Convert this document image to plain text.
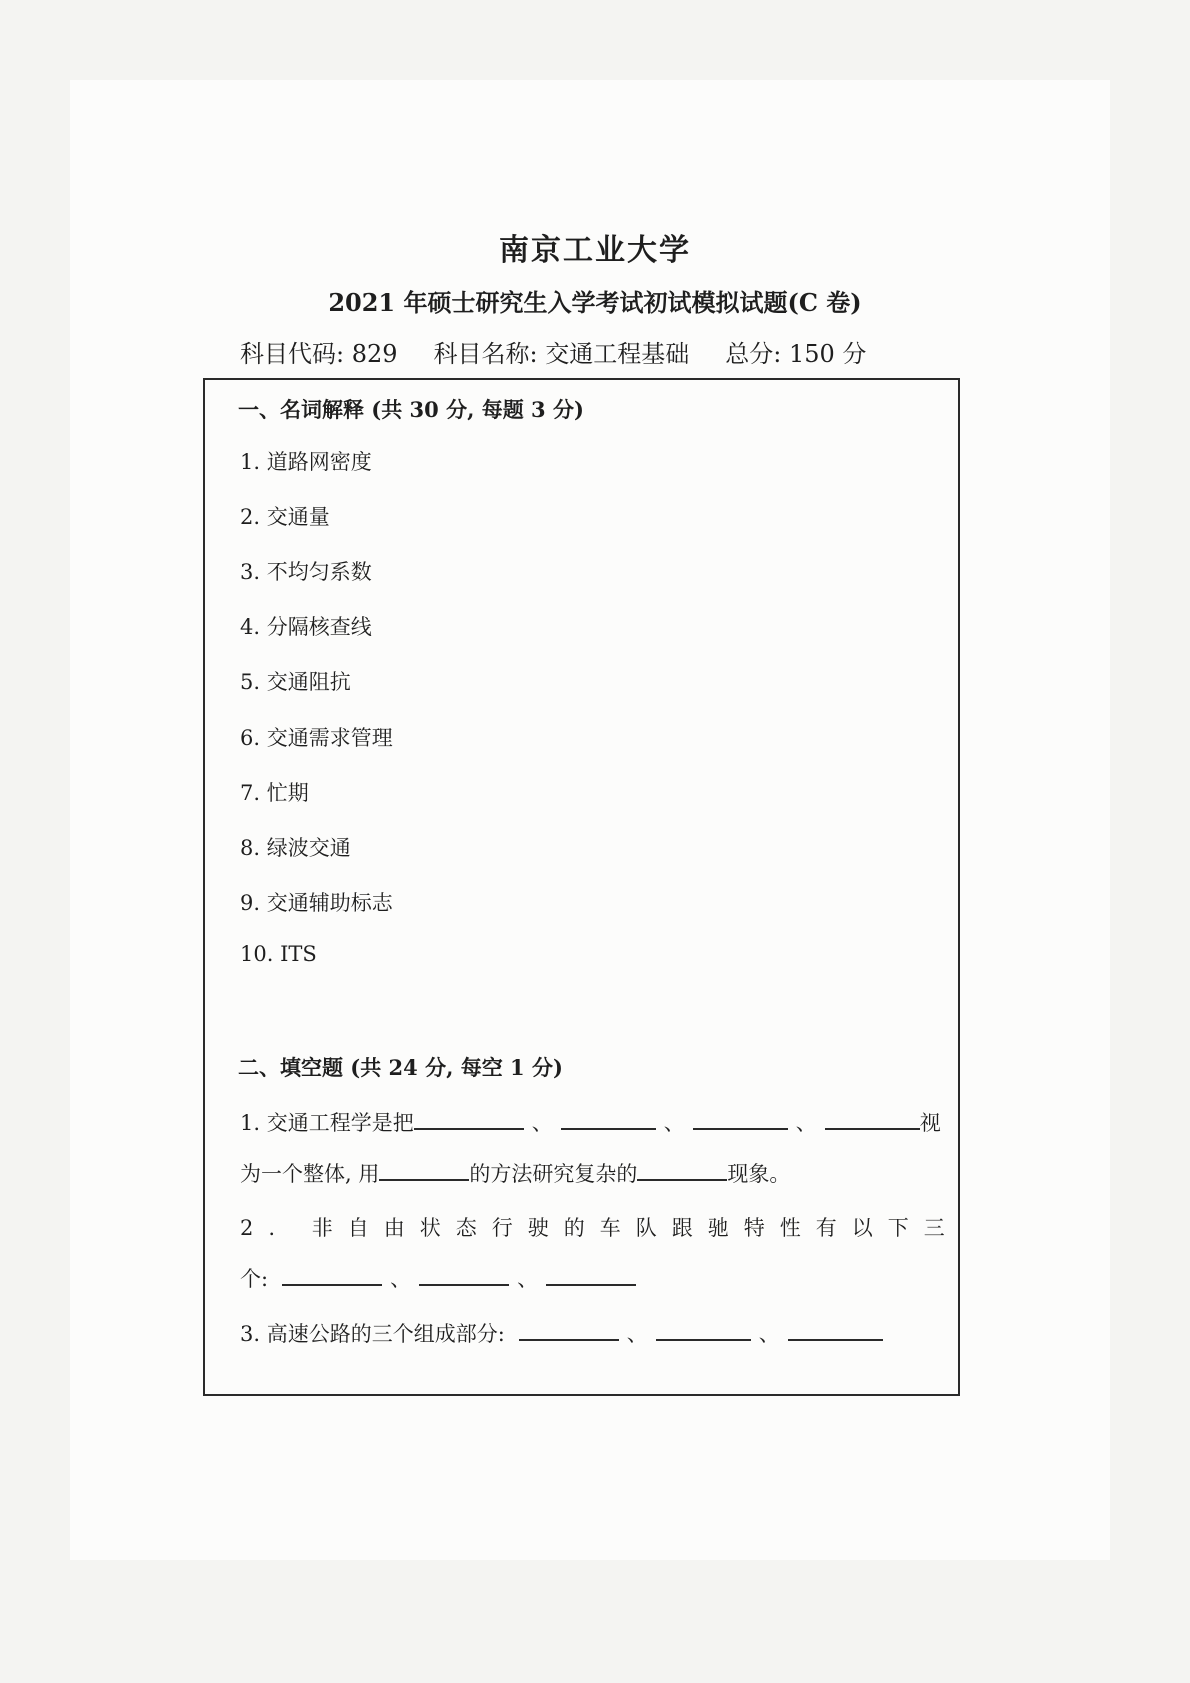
南京工业大学
2021 年硕士研究生入学考试初试模拟试题(C 卷)
科目代码: 829 科目名称: 交通工程基础 总分: 150 分
一、名词解释 (共 30 分, 每题 3 分)
1. 道路网密度
2. 交通量
3. 不均匀系数
4. 分隔核查线
5. 交通阻抗
6. 交通需求管理
7. 忙期
8. 绿波交通
9. 交通辅助标志
10. ITS
二、填空题 (共 24 分, 每空 1 分)
1. 交通工程学是把	、	、	、	视
为一个整体, 用	的方法研究复杂的	现象。
2. 非自由状态行驶的车队跟驰特性有以下三
个:	、	、
3. 高速公路的三个组成部分:	、	、
